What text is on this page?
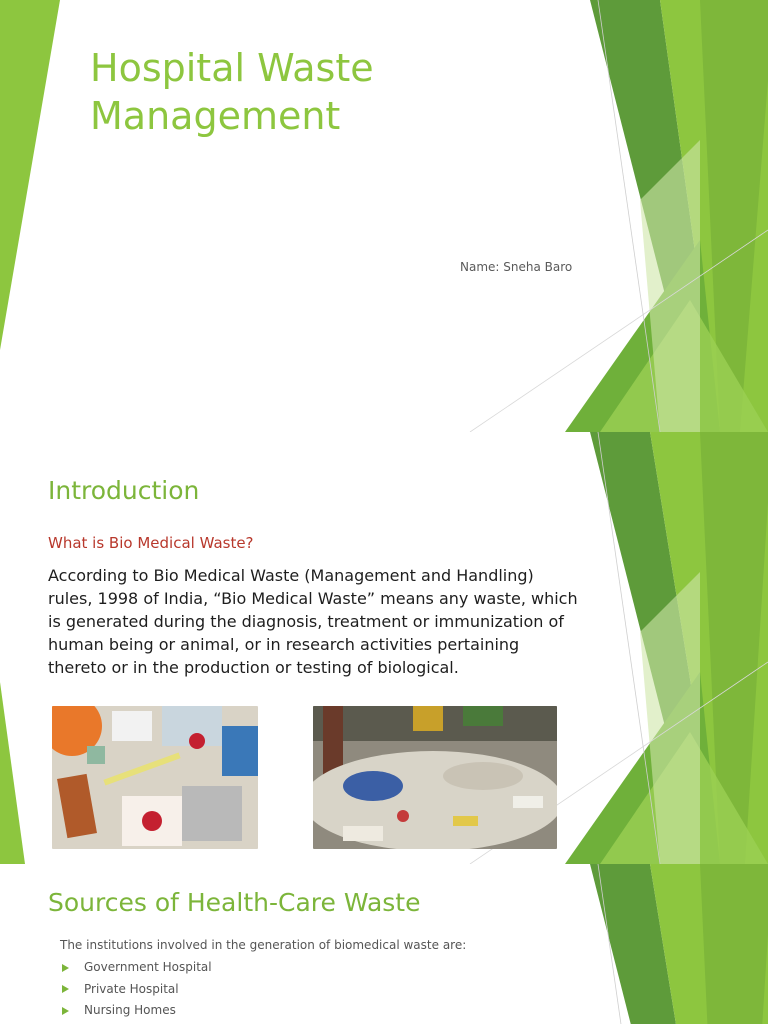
Hospital Waste Management
Name: Sneha Baro
Introduction
What is Bio Medical Waste?

According to Bio Medical Waste (Management and Handling) rules, 1998 of India, “Bio Medical Waste” means any waste, which is generated during the diagnosis, treatment or immunization of human being or animal, or in research activities pertaining thereto or in the production or testing of biological.

Sources of Health-Care Waste

The institutions involved in the generation of biomedical waste are:

Government Hospital
Private Hospital
Nursing Homes
